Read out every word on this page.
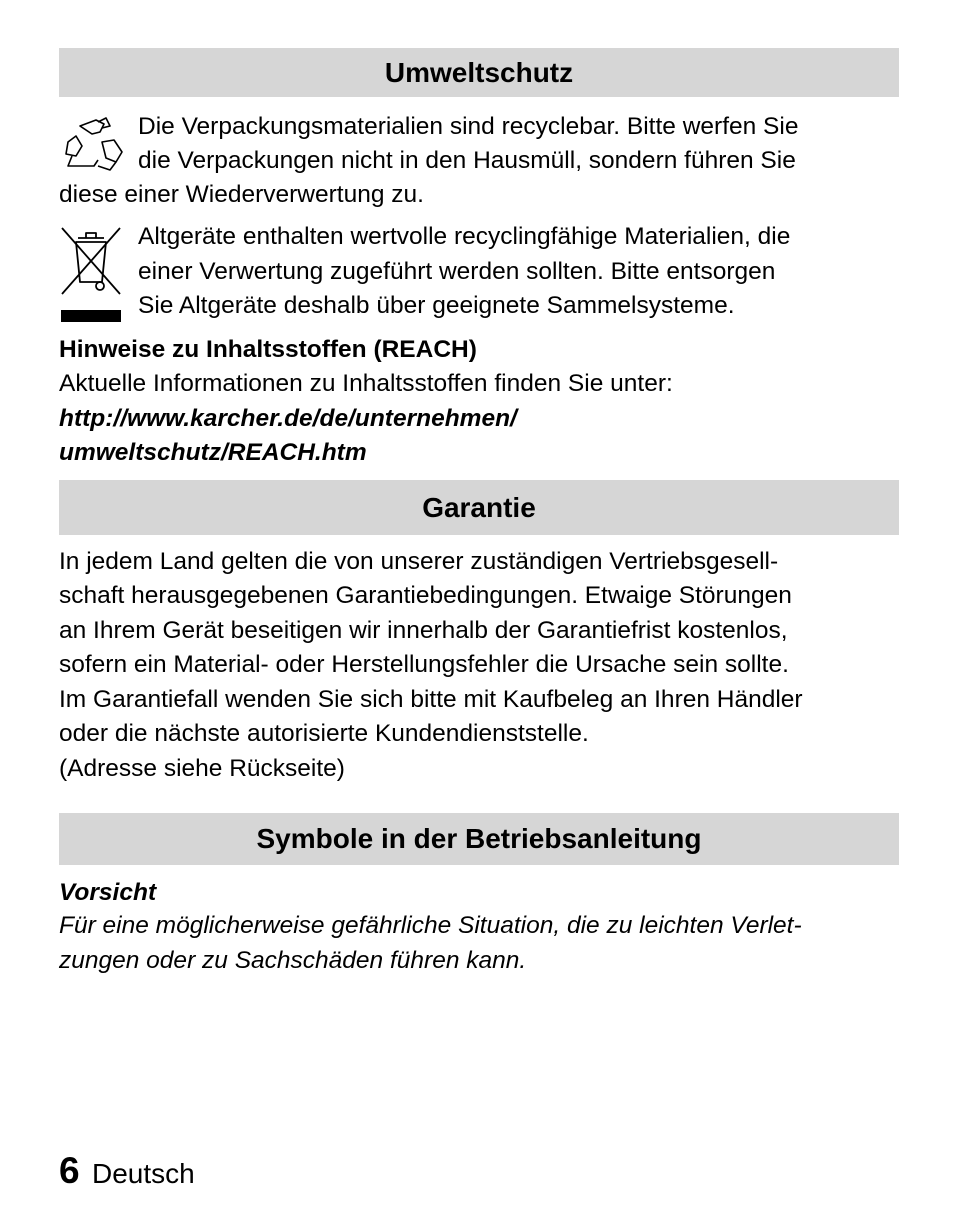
Umweltschutz
Die Verpackungsmaterialien sind recyclebar. Bitte werfen Sie
die Verpackungen nicht in den Hausmüll, sondern führen Sie
diese einer Wiederverwertung zu.
Altgeräte enthalten wertvolle recyclingfähige Materialien, die
einer Verwertung zugeführt werden sollten. Bitte entsorgen
Sie Altgeräte deshalb über geeignete Sammelsysteme.
Hinweise zu Inhaltsstoffen (REACH)
Aktuelle Informationen zu Inhaltsstoffen finden Sie unter:
http://www.karcher.de/de/unternehmen/
umweltschutz/REACH.htm
Garantie
In jedem Land gelten die von unserer zuständigen Vertriebsgesell-
schaft herausgegebenen Garantiebedingungen. Etwaige Störungen
an Ihrem Gerät beseitigen wir innerhalb der Garantiefrist kostenlos,
sofern ein Material- oder Herstellungsfehler die Ursache sein sollte.
Im Garantiefall wenden Sie sich bitte mit Kaufbeleg an Ihren Händler
oder die nächste autorisierte Kundendienststelle.
(Adresse siehe Rückseite)
Symbole in der Betriebsanleitung
Vorsicht
Für eine möglicherweise gefährliche Situation, die zu leichten Verlet-
zungen oder zu Sachschäden führen kann.
6 Deutsch
